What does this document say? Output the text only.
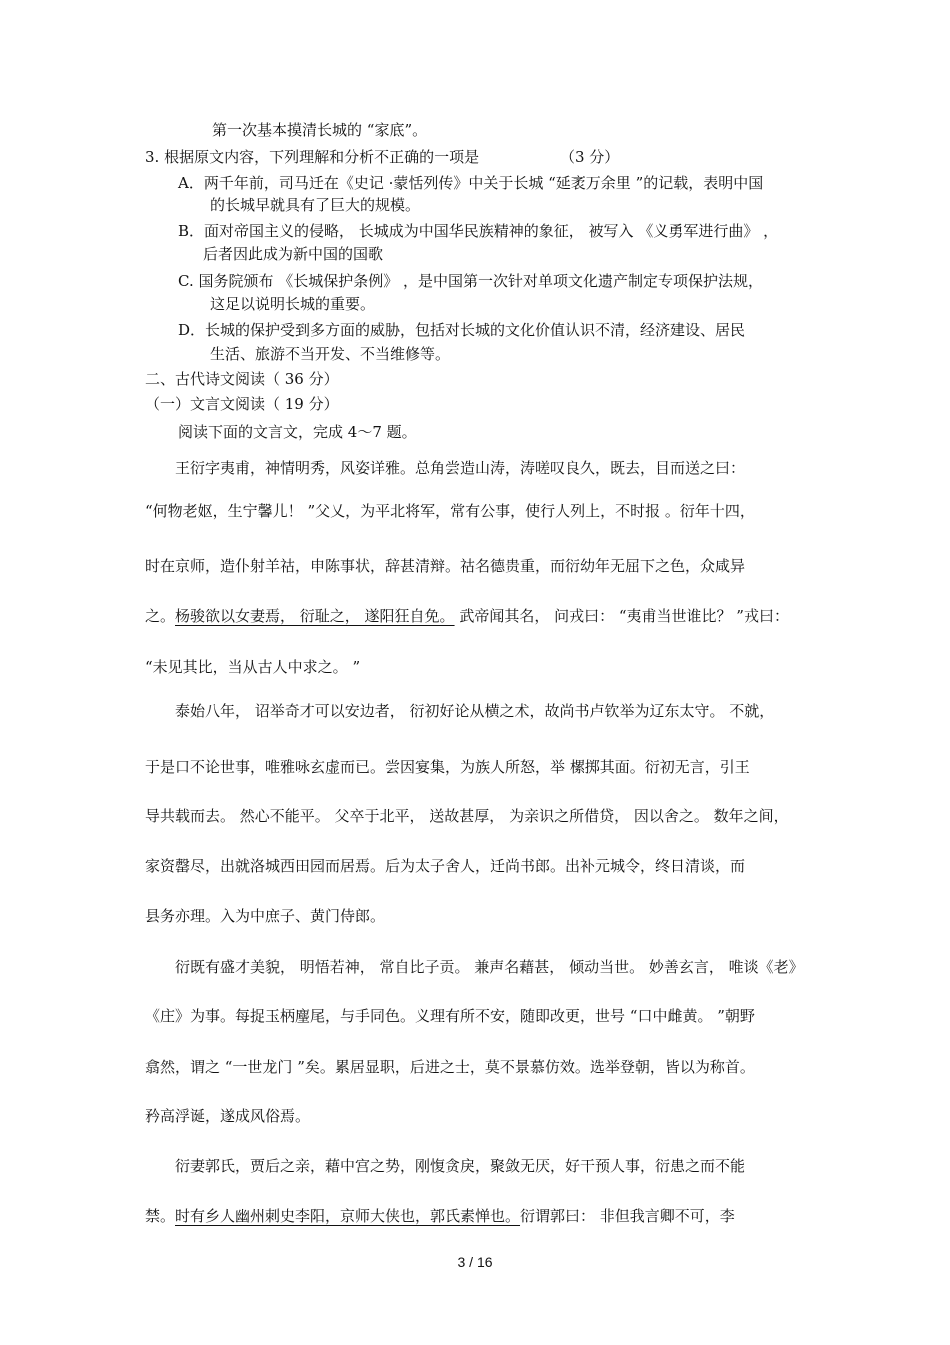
第一次基本摸清长城的 “家底”。
3. 根据原文内容，下列理解和分析不正确的一项是	（3 分）
A．两千年前，司马迁在《史记 ·蒙恬列传》中关于长城 “延袤万余里 ”的记载，表明中国
的长城早就具有了巨大的规模。
B．面对帝国主义的侵略， 长城成为中国华民族精神的象征， 被写入 《义勇军进行曲》 ，
后者因此成为新中国的国歌
C. 国务院颁布 《长城保护条例》 ，是中国第一次针对单项文化遗产制定专项保护法规，
这足以说明长城的重要。
D．长城的保护受到多方面的威胁，包括对长城的文化价值认识不清，经济建设、居民
生活、旅游不当开发、不当维修等。
二、古代诗文阅读（ 36 分）
（一）文言文阅读（ 19 分）
阅读下面的文言文，完成 4～7 题。
王衍字夷甫，神情明秀，风姿详雅。总角尝造山涛，涛嗟叹良久，既去，目而送之曰：
“何物老妪，生宁馨儿！ ”父乂，为平北将军，常有公事，使行人列上，不时报 。衍年十四，
时在京师，造仆射羊祜，申陈事状，辞甚清辩。祜名德贵重，而衍幼年无屈下之色，众咸异
之。杨骏欲以女妻焉， 衍耻之， 遂阳狂自免。 武帝闻其名， 问戎曰： “夷甫当世谁比？ ”戎曰：
“未见其比，当从古人中求之。 ”
泰始八年， 诏举奇才可以安边者， 衍初好论从横之术，故尚书卢钦举为辽东太守。 不就，
于是口不论世事，唯雅咏玄虚而已。尝因宴集，为族人所怒，举 樏掷其面。衍初无言，引王
导共载而去。 然心不能平。 父卒于北平， 送故甚厚， 为亲识之所借贷， 因以舍之。 数年之间，
家资罄尽，出就洛城西田园而居焉。后为太子舍人，迁尚书郎。出补元城令，终日清谈，而
县务亦理。入为中庶子、黄门侍郎。
衍既有盛才美貌， 明悟若神， 常自比子贡。 兼声名藉甚， 倾动当世。 妙善玄言， 唯谈《老》
《庄》为事。每捉玉柄麈尾，与手同色。义理有所不安，随即改更，世号 “口中雌黄。 ”朝野
翕然，谓之 “一世龙门 ”矣。累居显职，后进之士，莫不景慕仿效。选举登朝，皆以为称首。
矜高浮诞，遂成风俗焉。
衍妻郭氏，贾后之亲，藉中宫之势，刚愎贪戾，聚敛无厌，好干预人事，衍患之而不能
禁。时有乡人幽州刺史李阳，京师大侠也，郭氏素惮也。衍谓郭曰： 非但我言卿不可，李
3 / 16
